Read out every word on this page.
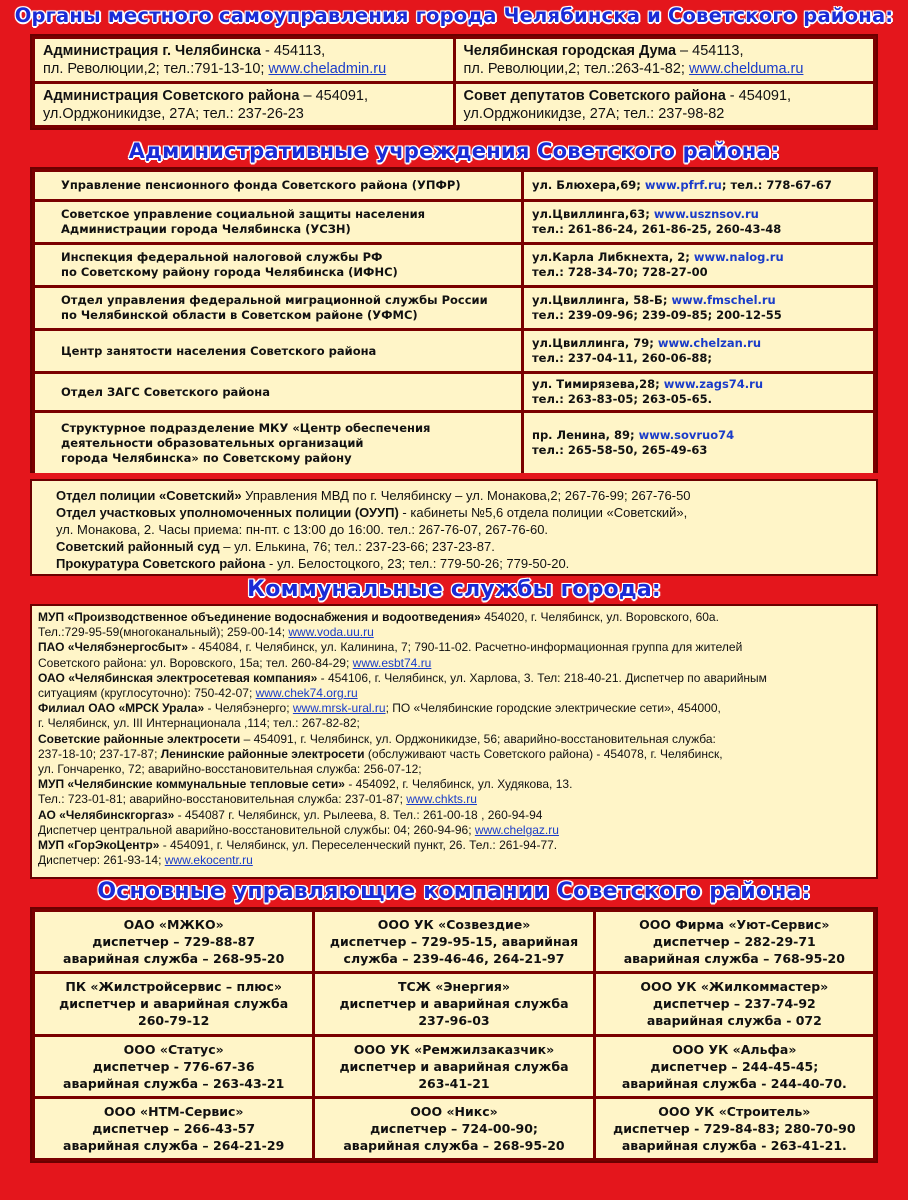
Органы местного самоуправления города Челябинска и Советского района:
Администрация г. Челябинска - 454113,
пл. Революции,2; тел.:791-13-10; www.cheladmin.ru
Челябинская городская Дума – 454113,
пл. Революции,2; тел.:263-41-82; www.chelduma.ru
Администрация Советского района – 454091,
ул.Орджоникидзе, 27А; тел.: 237-26-23
Совет депутатов Советского района - 454091,
ул.Орджоникидзе, 27А; тел.: 237-98-82
Административные учреждения Советского района:
Управление пенсионного фонда Советского района (УПФР)	ул. Блюхера,69; www.pfrf.ru; тел.: 778-67-67
Советское управление социальной защиты населения
Администрации города Челябинска (УСЗН)
ул.Цвиллинга,63; www.usznsov.ru
тел.: 261-86-24, 261-86-25, 260-43-48
Инспекция федеральной налоговой службы РФ
по Советскому району города Челябинска (ИФНС)
ул.Карла Либкнехта, 2; www.nalog.ru
тел.: 728-34-70; 728-27-00
Отдел управления федеральной миграционной службы России
по Челябинской области в Советском районе (УФМС)
ул.Цвиллинга, 58-Б; www.fmschel.ru
тел.: 239-09-96; 239-09-85; 200-12-55
Центр занятости населения Советского района
ул.Цвиллинга, 79; www.chelzan.ru
тел.: 237-04-11, 260-06-88;
Отдел ЗАГС Советского района
ул. Тимирязева,28; www.zags74.ru
тел.: 263-83-05; 263-05-65.
Структурное подразделение МКУ «Центр обеспечения
деятельности образовательных организаций
города Челябинска» по Советскому району
пр. Ленина, 89; www.sovruo74
тел.: 265-58-50, 265-49-63
Отдел полиции «Советский» Управления МВД по г. Челябинску – ул. Монакова,2; 267-76-99; 267-76-50
Отдел участковых уполномоченных полиции (ОУУП) - кабинеты №5,6 отдела полиции «Советский»,
ул. Монакова, 2. Часы приема: пн-пт. с 13:00 до 16:00. тел.: 267-76-07, 267-76-60.
Советский районный суд – ул. Елькина, 76; тел.: 237-23-66; 237-23-87.
Прокуратура Советского района - ул. Белостоцкого, 23; тел.: 779-50-26; 779-50-20.
Коммунальные службы города:
МУП «Производственное объединение водоснабжения и водоотведения» 454020, г. Челябинск, ул. Воровского, 60а.
Тел.:729-95-59(многоканальный); 259-00-14; www.voda.uu.ru
ПАО «Челябэнергосбыт» - 454084, г. Челябинск, ул. Калинина, 7; 790-11-02. Расчетно-информационная группа для жителей
Советского района: ул. Воровского, 15а; тел. 260-84-29; www.esbt74.ru
ОАО «Челябинская электросетевая компания» - 454106, г. Челябинск, ул. Харлова, 3. Тел: 218-40-21. Диспетчер по аварийным
ситуациям (круглосуточно): 750-42-07; www.chek74.org.ru
Филиал ОАО «МРСК Урала» - Челябэнерго; www.mrsk-ural.ru; ПО «Челябинские городские электрические сети», 454000,
г. Челябинск, ул. III Интернационала ,114; тел.: 267-82-82;
Советские районные электросети – 454091, г. Челябинск, ул. Орджоникидзе, 56; аварийно-восстановительная служба:
237-18-10; 237-17-87; Ленинские районные электросети (обслуживают часть Советского района) - 454078, г. Челябинск,
ул. Гончаренко, 72; аварийно-восстановительная служба: 256-07-12;
МУП «Челябинские коммунальные тепловые сети» - 454092, г. Челябинск, ул. Худякова, 13.
Тел.: 723-01-81; аварийно-восстановительная служба: 237-01-87; www.chkts.ru
АО «Челябинскгоргаз» - 454087 г. Челябинск, ул. Рылеева, 8. Тел.: 261-00-18 , 260-94-94
Диспетчер центральной аварийно-восстановительной службы: 04; 260-94-96; www.chelgaz.ru
МУП «ГорЭкоЦентр» - 454091, г. Челябинск, ул. Переселенческий пункт, 26. Тел.: 261-94-77.
Диспетчер: 261-93-14; www.ekocentr.ru
Основные управляющие компании Советского района:
ОАО «МЖКО»
диспетчер – 729-88-87
аварийная служба – 268-95-20
ООО УК «Созвездие»
диспетчер – 729-95-15, аварийная
служба – 239-46-46, 264-21-97
ООО Фирма «Уют-Сервис»
диспетчер – 282-29-71
аварийная служба – 768-95-20
ПК «Жилстройсервис – плюс»
диспетчер и аварийная служба
260-79-12
ТСЖ «Энергия»
диспетчер и аварийная служба
237-96-03
ООО УК «Жилкоммастер»
диспетчер – 237-74-92
аварийная служба - 072
ООО «Статус»
диспетчер - 776-67-36
аварийная служба – 263-43-21
ООО УК «Ремжилзаказчик»
диспетчер и аварийная служба
263-41-21
ООО УК «Альфа»
диспетчер – 244-45-45;
аварийная служба - 244-40-70.
ООО «НТМ-Сервис»
диспетчер – 266-43-57
аварийная служба – 264-21-29
ООО «Никс»
диспетчер – 724-00-90;
аварийная служба – 268-95-20
ООО УК «Строитель»
диспетчер - 729-84-83; 280-70-90
аварийная служба - 263-41-21.
